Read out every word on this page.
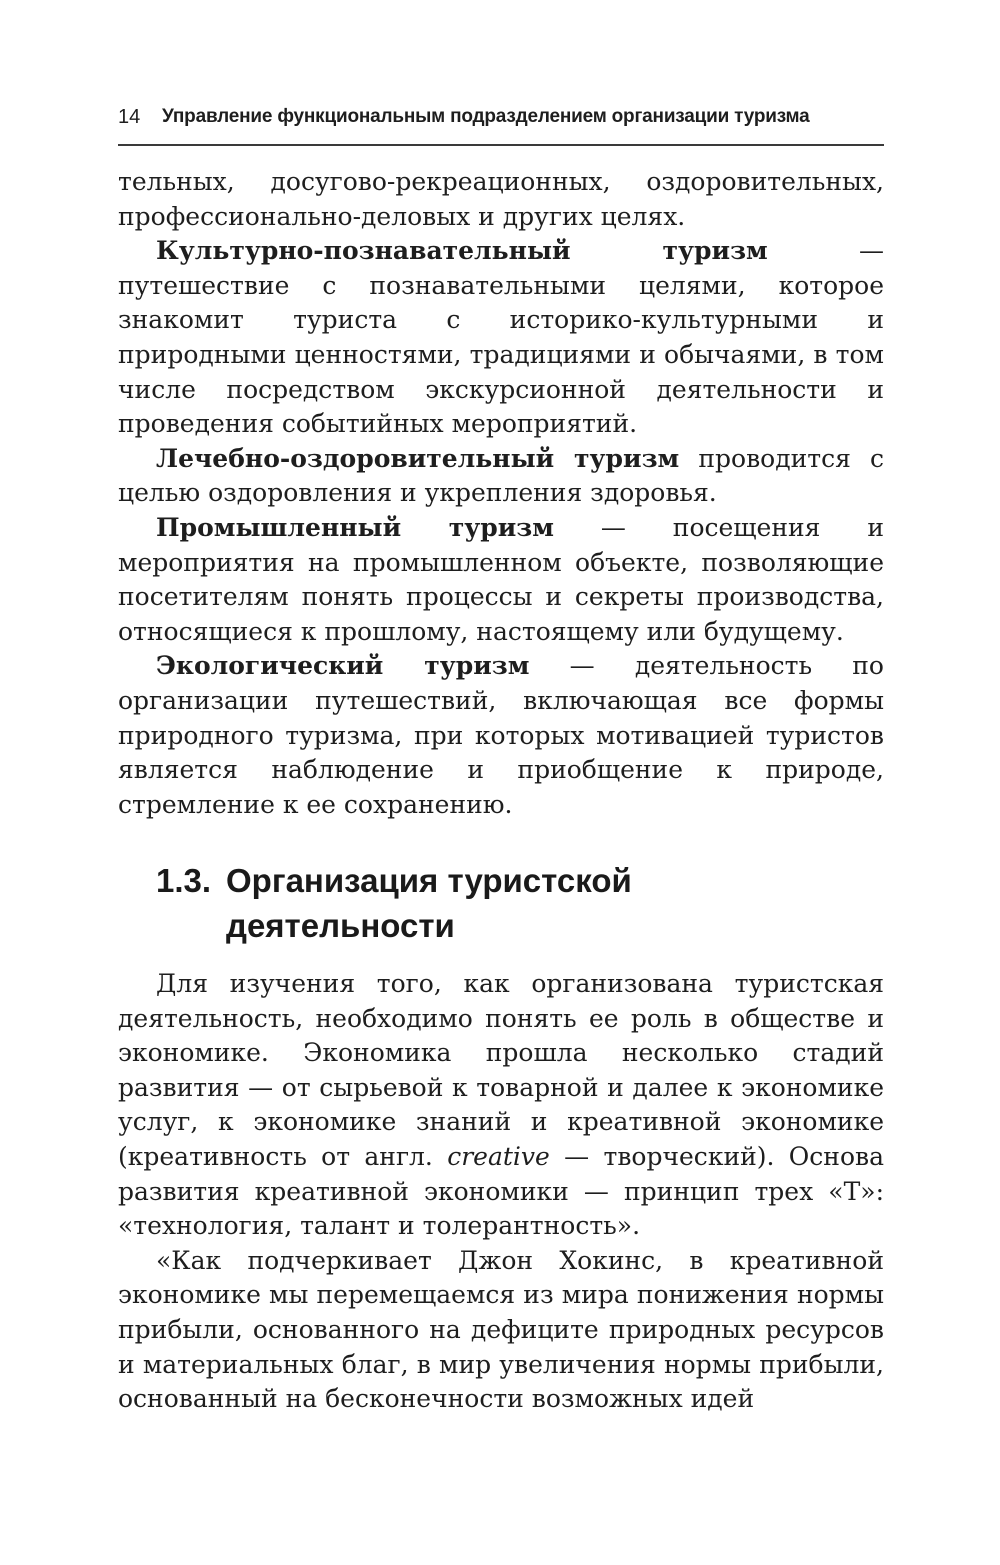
14	Управление функциональным подразделением организации туризма

тельных, досугово-рекреационных, оздоровительных, профессионально-деловых и других целях.

Культурно-познавательный туризм — путешествие с познавательными целями, которое знакомит туриста с историко-культурными и природными ценностями, традициями и обычаями, в том числе посредством экскурсионной деятельности и проведения событийных мероприятий.

Лечебно-оздоровительный туризм проводится с целью оздоровления и укрепления здоровья.

Промышленный туризм — посещения и мероприятия на промышленном объекте, позволяющие посетителям понять процессы и секреты производства, относящиеся к прошлому, настоящему или будущему.

Экологический туризм — деятельность по организации путешествий, включающая все формы природного туризма, при которых мотивацией туристов является наблюдение и приобщение к природе, стремление к ее сохранению.

1.3. Организация туристской
деятельности

Для изучения того, как организована туристская деятельность, необходимо понять ее роль в обществе и экономике. Экономика прошла несколько стадий развития — от сырьевой к товарной и далее к экономике услуг, к экономике знаний и креативной экономике (креативность от англ. creative — творческий). Основа развития креативной экономики — принцип трех «Т»: «технология, талант и толерантность».

«Как подчеркивает Джон Хокинс, в креативной экономике мы перемещаемся из мира понижения нормы прибыли, основанного на дефиците природных ресурсов и материальных благ, в мир увеличения нормы прибыли, основанный на бесконечности возможных идей
